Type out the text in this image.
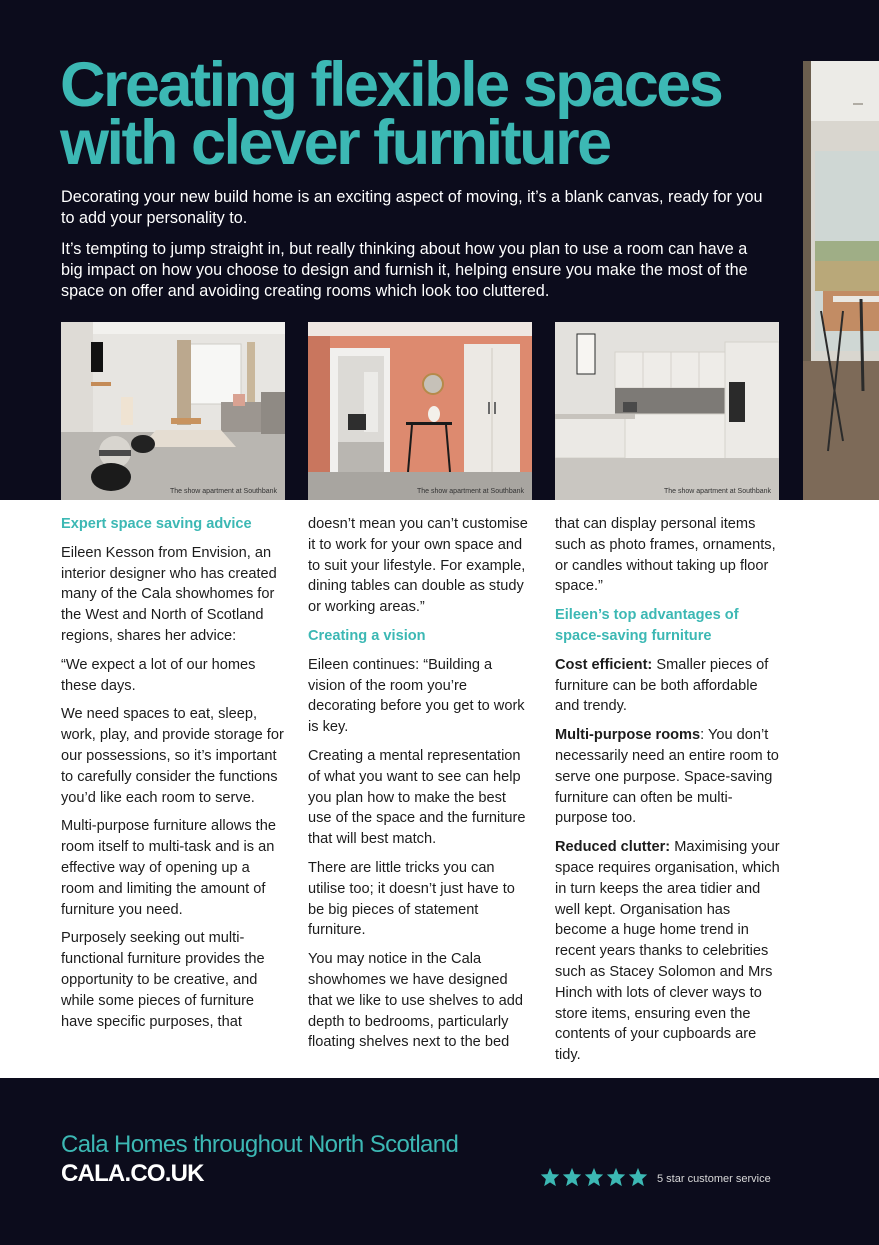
Creating flexible spaces with clever furniture

Decorating your new build home is an exciting aspect of moving, it’s a blank canvas, ready for you to add your personality to.

It’s tempting to jump straight in, but really thinking about how you plan to use a room can have a big impact on how you choose to design and furnish it, helping ensure you make the most of the space on offer and avoiding creating rooms which look too cluttered.

The show apartment at Southbank	The show apartment at Southbank	The show apartment at Southbank
Expert space saving advice

Eileen Kesson from Envision, an interior designer who has created many of the Cala showhomes for the West and North of Scotland regions, shares her advice:

“We expect a lot of our homes these days.

We need spaces to eat, sleep, work, play, and provide storage for our possessions, so it’s important to carefully consider the functions you’d like each room to serve.

Multi-purpose furniture allows the room itself to multi-task and is an effective way of opening up a room and limiting the amount of furniture you need.

Purposely seeking out multi-functional furniture provides the opportunity to be creative, and while some pieces of furniture have specific purposes, that

doesn’t mean you can’t customise it to work for your own space and to suit your lifestyle. For example, dining tables can double as study or working areas.”

Creating a vision

Eileen continues: “Building a vision of the room you’re decorating before you get to work is key.

Creating a mental representation of what you want to see can help you plan how to make the best use of the space and the furniture that will best match.

There are little tricks you can utilise too; it doesn’t just have to be big pieces of statement furniture.

You may notice in the Cala showhomes we have designed that we like to use shelves to add depth to bedrooms, particularly floating shelves next to the bed

that can display personal items such as photo frames, ornaments, or candles without taking up floor space.”

Eileen’s top advantages of space-saving furniture

Cost efficient: Smaller pieces of furniture can be both affordable and trendy.

Multi-purpose rooms: You don’t necessarily need an entire room to serve one purpose. Space-saving furniture can often be multi-purpose too.

Reduced clutter: Maximising your space requires organisation, which in turn keeps the area tidier and well kept. Organisation has become a huge home trend in recent years thanks to celebrities such as Stacey Solomon and Mrs Hinch with lots of clever ways to store items, ensuring even the contents of your cupboards are tidy.

Cala Homes throughout North Scotland
CALA.CO.UK	5 star customer service
